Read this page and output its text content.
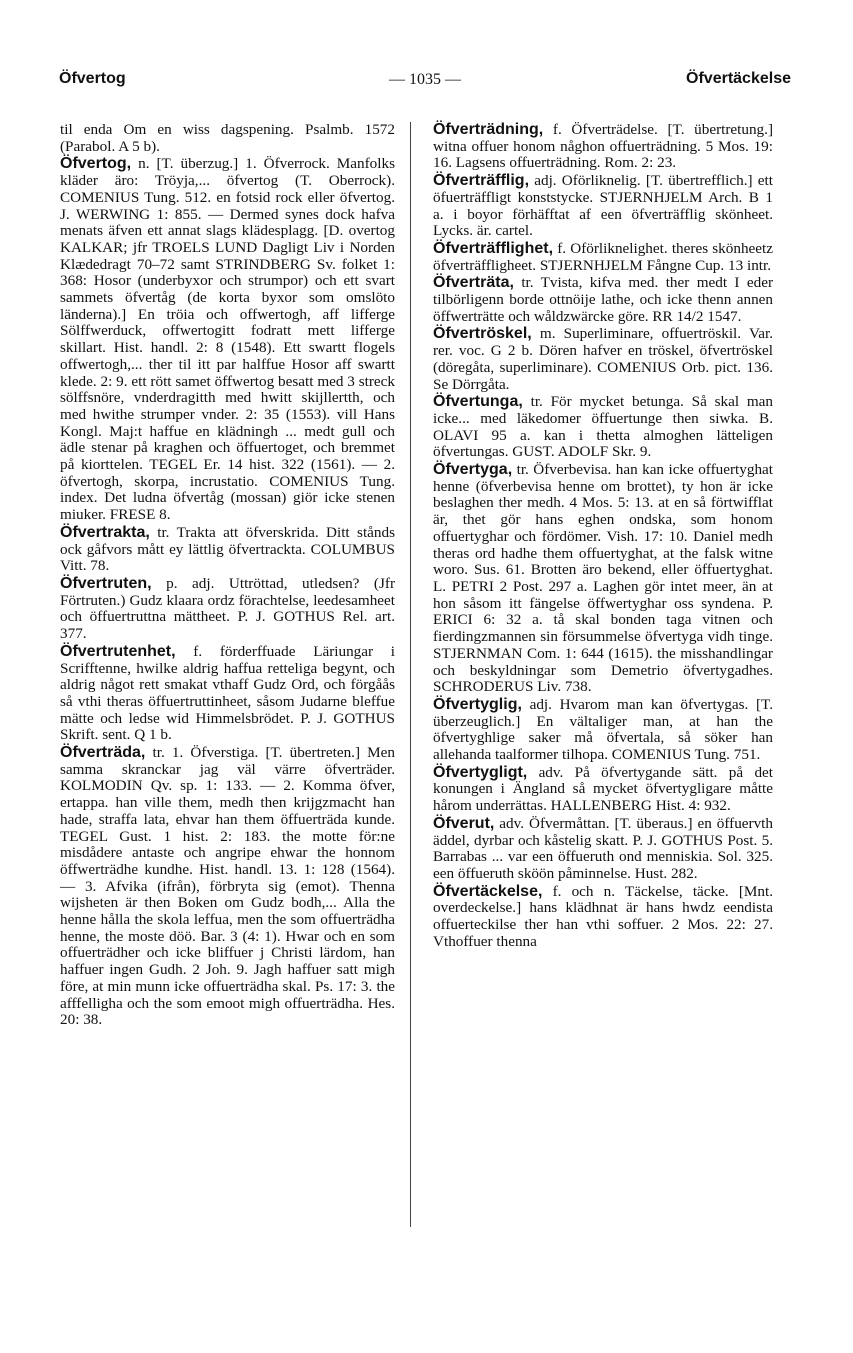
Öfvertog	— 1035 —	Öfvertäckelse

til enda Om en wiss dagspening. Psalmb. 1572 (Parabol. A 5 b).

Öfvertog, n. [T. überzug.] 1. Öfverrock. Manfolks kläder äro: Tröyja,... öfvertog (T. Oberrock). COMENIUS Tung. 512. en fotsid rock eller öfvertog. J. WERWING 1: 855. — Dermed synes dock hafva menats äfven ett annat slags klädesplagg. [D. overtog KALKAR; jfr TROELS LUND Dagligt Liv i Norden Klædedragt 70–72 samt STRINDBERG Sv. folket 1: 368: Hosor (underbyxor och strumpor) och ett svart sammets öfvertåg (de korta byxor som omslöto länderna).] En tröia och offwertogh, aff lifferge Sölffwerduck, offwertogitt fodratt mett lifferge skillart. Hist. handl. 2: 8 (1548). Ett swartt flogels offwertogh,... ther til itt par halffue Hosor aff swartt klede. 2: 9. ett rött samet öffwertog besatt med 3 streck sölffsnöre, vnderdragitth med hwitt skijllertth, och med hwithe strumper vnder. 2: 35 (1553). vill Hans Kongl. Maj:t haffue en klädningh ... medt gull och ädle stenar på kraghen och öffuertoget, och bremmet på kiorttelen. TEGEL Er. 14 hist. 322 (1561). — 2. öfvertogh, skorpa, incrustatio. COMENIUS Tung. index. Det ludna öfvertåg (mossan) giör icke stenen miuker. FRESE 8.

Öfvertrakta, tr. Trakta att öfverskrida. Ditt stånds ock gåfvors mått ey lättlig öfvertrackta. COLUMBUS Vitt. 78.

Öfvertruten, p. adj. Uttröttad, utledsen? (Jfr Förtruten.) Gudz klaara ordz förachtelse, leedesamheet och öffuertruttna mättheet. P. J. GOTHUS Rel. art. 377.

Öfvertrutenhet, f. förderffuade Läriungar i Scrifftenne, hwilke aldrig haffua retteliga begynt, och aldrig något rett smakat vthaff Gudz Ord, och förgåås så vthi theras öffuertruttinheet, såsom Judarne bleffue mätte och ledse wid Himmelsbrödet. P. J. GOTHUS Skrift. sent. Q 1 b.

Öfverträda, tr. 1. Öfverstiga. [T. übertreten.] Men samma skranckar jag väl värre öfverträder. KOLMODIN Qv. sp. 1: 133. — 2. Komma öfver, ertappa. han ville them, medh then krijgzmacht han hade, straffa lata, ehvar han them öffuerträda kunde. TEGEL Gust. 1 hist. 2: 183. the motte för:ne misdådere antaste och angripe ehwar the honnom öffwerträdhe kundhe. Hist. handl. 13. 1: 128 (1564). — 3. Afvika (ifrån), förbryta sig (emot). Thenna wijsheten är then Boken om Gudz bodh,... Alla the henne hålla the skola leffua, men the som offuerträdha henne, the moste döö. Bar. 3 (4: 1). Hwar och en som offuerträdher och icke bliffuer j Christi lärdom, han haffuer ingen Gudh. 2 Joh. 9. Jagh haffuer satt migh före, at min munn icke offuerträdha skal. Ps. 17: 3. the afffelligha och the som emoot migh offuerträdha. Hes. 20: 38.

Öfverträdning, f. Öfverträdelse. [T. übertretung.] witna offuer honom någhon offuerträdning. 5 Mos. 19: 16. Lagsens offuerträdning. Rom. 2: 23.

Öfverträfflig, adj. Oförliknelig. [T. übertrefflich.] ett öfuerträffligt konststycke. STJERNHJELM Arch. B 1 a. i boyor förhäfftat af een öfverträfflig skönheet. Lycks. är. cartel.

Öfverträfflighet, f. Oförliknelighet. theres skönheetz öfverträffligheet. STJERNHJELM Fångne Cup. 13 intr.

Öfverträta, tr. Tvista, kifva med. ther medt I eder tilbörligenn borde ottnöije lathe, och icke thenn annen öffwerträtte och wåldzwärcke göre. RR 14/2 1547.

Öfvertröskel, m. Superliminare, offuertröskil. Var. rer. voc. G 2 b. Dören hafver en tröskel, öfvertröskel (döregåta, superliminare). COMENIUS Orb. pict. 136. Se Dörrgåta.

Öfvertunga, tr. För mycket betunga. Så skal man icke... med läkedomer öffuertunge then siwka. B. OLAVI 95 a. kan i thetta almoghen lätteligen öfvertungas. GUST. ADOLF Skr. 9.

Öfvertyga, tr. Öfverbevisa. han kan icke offuertyghat henne (öfverbevisa henne om brottet), ty hon är icke beslaghen ther medh. 4 Mos. 5: 13. at en så förtwifflat är, thet gör hans eghen ondska, som honom offuertyghar och fördömer. Vish. 17: 10. Daniel medh theras ord hadhe them offuertyghat, at the falsk witne woro. Sus. 61. Brotten äro bekend, eller öffuertyghat. L. PETRI 2 Post. 297 a. Laghen gör intet meer, än at hon såsom itt fängelse öffwertyghar oss syndena. P. ERICI 6: 32 a. tå skal bonden taga vitnen och fierdingzmannen sin försummelse öfvertyga vidh tinge. STJERNMAN Com. 1: 644 (1615). the misshandlingar och beskyldningar som Demetrio öfvertygadhes. SCHRODERUS Liv. 738.

Öfvertyglig, adj. Hvarom man kan öfvertygas. [T. überzeuglich.] En vältaliger man, at han the öfvertyghlige saker må öfvertala, så söker han allehanda taalformer tilhopa. COMENIUS Tung. 751.

Öfvertygligt, adv. På öfvertygande sätt. på det konungen i Ängland så mycket öfvertygligare måtte hårom underrättas. HALLENBERG Hist. 4: 932.

Öfverut, adv. Öfvermåttan. [T. überaus.] en öffuervth äddel, dyrbar och kåstelig skatt. P. J. GOTHUS Post. 5. Barrabas ... var een öffueruth ond menniskia. Sol. 325. een öffueruth sköön påminnelse. Hust. 282.

Öfvertäckelse, f. och n. Täckelse, täcke. [Mnt. overdeckelse.] hans klädhnat är hans hwdz eendista offuerteckilse ther han vthi soffuer. 2 Mos. 22: 27. Vthoffuer thenna
